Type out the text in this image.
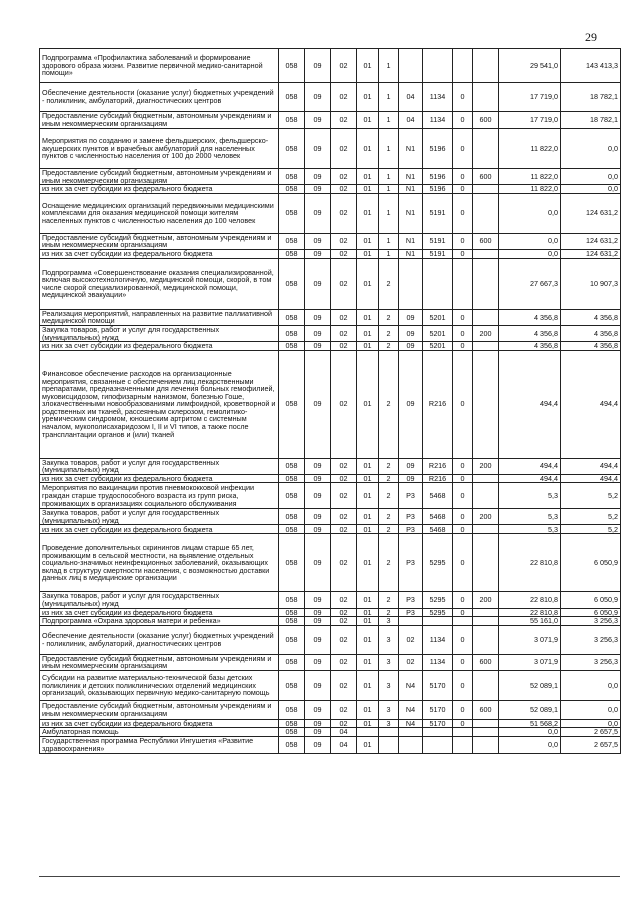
29
Подпрограмма «Профилактика заболеваний и формирование здорового образа жизни. Развитие первичной медико-санитарной помощи»	058	09	02	01	1					29 541,0	143 413,3
Обеспечение деятельности (оказание услуг) бюджетных учреждений - поликлиник, амбулаторий, диагностических центров	058	09	02	01	1	04	1134	0		17 719,0	18 782,1
Предоставление субсидий бюджетным, автономным учреждениям и иным некоммерческим организациям	058	09	02	01	1	04	1134	0	600	17 719,0	18 782,1
Мероприятия по созданию и замене фельдшерских, фельдшерско-акушерских пунктов и врачебных амбулаторий для населенных пунктов с численностью населения от 100 до 2000 человек	058	09	02	01	1	N1	5196	0		11 822,0	0,0
Предоставление субсидий бюджетным, автономным учреждениям и иным некоммерческим организациям	058	09	02	01	1	N1	5196	0	600	11 822,0	0,0
из них за счет субсидии из федерального бюджета	058	09	02	01	1	N1	5196	0		11 822,0	0,0
Оснащение медицинских организаций передвижными медицинскими комплексами для оказания медицинской помощи жителям населенных пунктов с численностью населения до 100 человек	058	09	02	01	1	N1	5191	0		0,0	124 631,2
Предоставление субсидий бюджетным, автономным учреждениям и иным некоммерческим организациям	058	09	02	01	1	N1	5191	0	600	0,0	124 631,2
из них за счет субсидии из федерального бюджета	058	09	02	01	1	N1	5191	0		0,0	124 631,2
Подпрограмма «Совершенствование оказания специализированной, включая высокотехнологичную, медицинской помощи, скорой, в том числе скорой специализированной, медицинской помощи, медицинской эвакуации»	058	09	02	01	2					27 667,3	10 907,3
Реализация мероприятий, направленных на развитие паллиативной медицинской помощи	058	09	02	01	2	09	5201	0		4 356,8	4 356,8
Закупка товаров, работ и услуг для государственных (муниципальных) нужд	058	09	02	01	2	09	5201	0	200	4 356,8	4 356,8
из них за счет субсидии из федерального бюджета	058	09	02	01	2	09	5201	0		4 356,8	4 356,8
Финансовое обеспечение расходов на организационные мероприятия, связанные с обеспечением лиц лекарственными препаратами, предназначенными для лечения больных гемофилией, муковисцидозом, гипофизарным нанизмом, болезнью Гоше, злокачественными новообразованиями лимфоидной, кроветворной и родственных им тканей, рассеянным склерозом, гемолитико-уремическим синдромом, юношеским артритом с системным началом, мукополисахаридозом I, II и VI типов, а также после трансплантации органов и (или) тканей	058	09	02	01	2	09	R216	0		494,4	494,4
Закупка товаров, работ и услуг для государственных (муниципальных) нужд	058	09	02	01	2	09	R216	0	200	494,4	494,4
из них за счет субсидии из федерального бюджета	058	09	02	01	2	09	R216	0		494,4	494,4
Мероприятия по вакцинации против пневмококковой инфекции граждан старше трудоспособного возраста из групп риска, проживающих в организациях социального обслуживания	058	09	02	01	2	P3	5468	0		5,3	5,2
Закупка товаров, работ и услуг для государственных (муниципальных) нужд	058	09	02	01	2	P3	5468	0	200	5,3	5,2
из них за счет субсидии из федерального бюджета	058	09	02	01	2	P3	5468	0		5,3	5,2
Проведение дополнительных скринингов лицам старше 65 лет, проживающим в сельской местности, на выявление отдельных социально-значимых неинфекционных заболеваний, оказывающих вклад в структуру смертности населения, с возможностью доставки данных лиц в медицинские организации	058	09	02	01	2	P3	5295	0		22 810,8	6 050,9
Закупка товаров, работ и услуг для государственных (муниципальных) нужд	058	09	02	01	2	P3	5295	0	200	22 810,8	6 050,9
из них за счет субсидии из федерального бюджета	058	09	02	01	2	P3	5295	0		22 810,8	6 050,9
Подпрограмма «Охрана здоровья матери и ребенка»	058	09	02	01	3					55 161,0	3 256,3
Обеспечение деятельности (оказание услуг) бюджетных учреждений - поликлиник, амбулаторий, диагностических центров	058	09	02	01	3	02	1134	0		3 071,9	3 256,3
Предоставление субсидий бюджетным, автономным учреждениям и иным некоммерческим организациям	058	09	02	01	3	02	1134	0	600	3 071,9	3 256,3
Субсидии на развитие материально-технической базы детских поликлиник и детских поликлинических отделений медицинских организаций, оказывающих первичную медико-санитарную помощь	058	09	02	01	3	N4	5170	0		52 089,1	0,0
Предоставление субсидий бюджетным, автономным учреждениям и иным некоммерческим организациям	058	09	02	01	3	N4	5170	0	600	52 089,1	0,0
из них за счет субсидии из федерального бюджета	058	09	02	01	3	N4	5170	0		51 568,2	0,0
Амбулаторная помощь	058	09	04							0,0	2 657,5
Государственная программа Республики Ингушетия «Развитие здравоохранения»	058	09	04	01						0,0	2 657,5
